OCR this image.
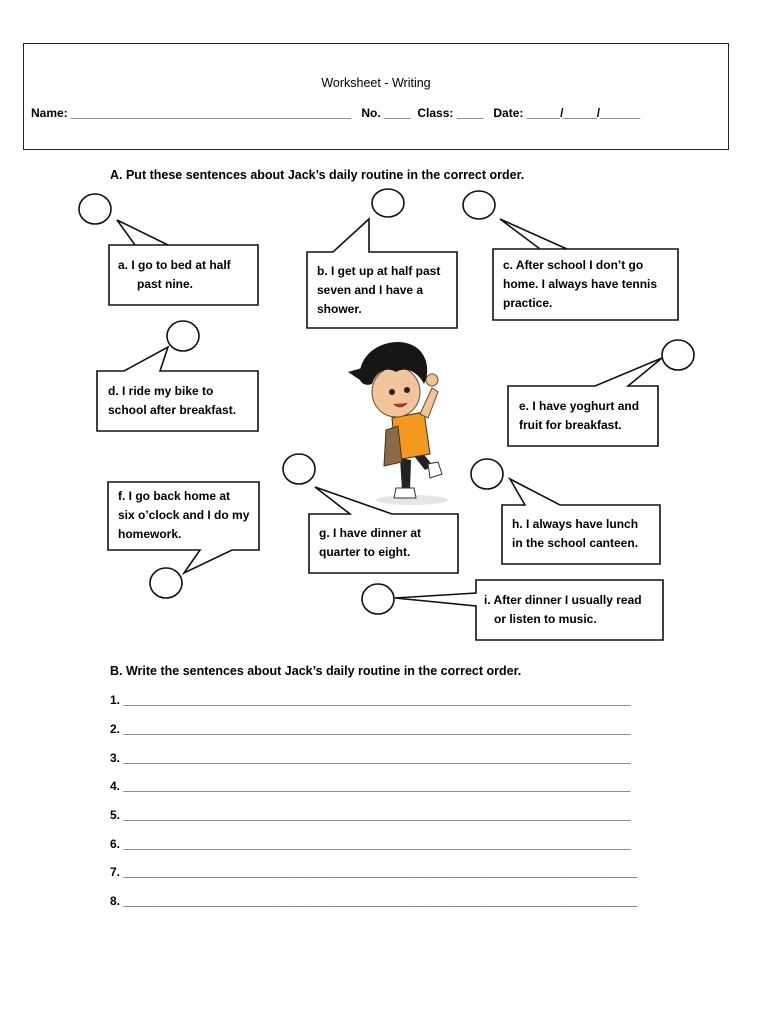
Worksheet - Writing
Name: __________________________________________   No. ____  Class: ____   Date: _____/_____/______
A. Put these sentences about Jack’s daily routine in the correct order.
a. I go to bed at half
past nine.
b. I get up at half past
seven and I have a
shower.
c. After school I don’t go
home. I always have tennis
practice.
d. I ride my bike to
school after breakfast.	e. I have yoghurt and
fruit for breakfast.
f. I go back home at
six o’clock and I do my
homework.	g. I have dinner at
quarter to eight.
h. I always have lunch
in the school canteen.
i. After dinner I usually read
or listen to music.
B. Write the sentences about Jack’s daily routine in the correct order.
1. ____________________________________________________________________________
2. ____________________________________________________________________________
3. ____________________________________________________________________________
4. ____________________________________________________________________________
5. ____________________________________________________________________________
6. ____________________________________________________________________________
7. _____________________________________________________________________________
8. _____________________________________________________________________________
